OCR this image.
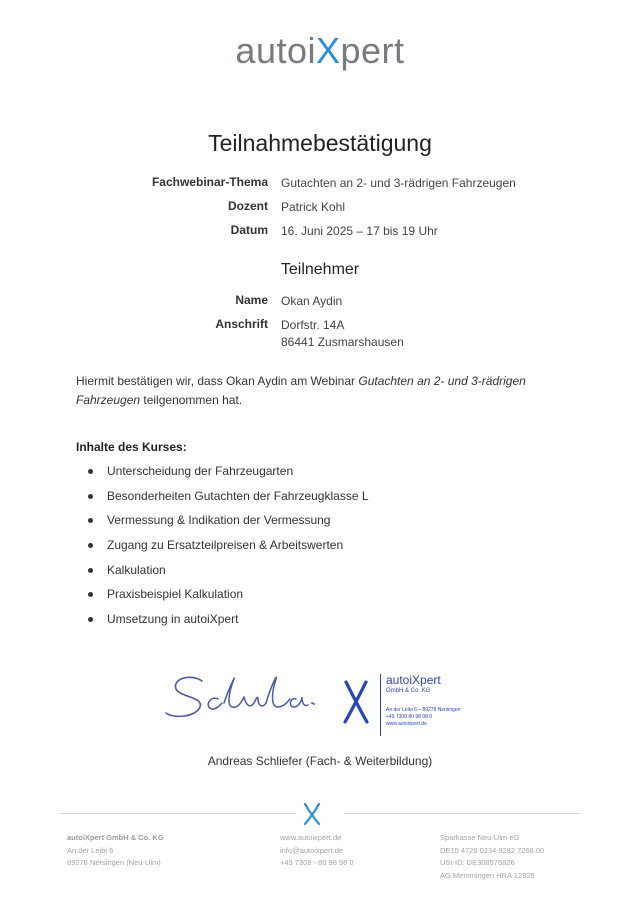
autoiXpert
Teilnahmebestätigung
Fachwebinar-Thema Gutachten an 2- und 3-rädrigen Fahrzeugen
Dozent Patrick Kohl
Datum 16. Juni 2025 – 17 bis 19 Uhr
Teilnehmer
Name Okan Aydin
Anschrift Dorfstr. 14A
86441 Zusmarshausen
Hiermit bestätigen wir, dass Okan Aydin am Webinar Gutachten an 2- und 3-rädrigen Fahrzeugen teilgenommen hat.
Inhalte des Kurses:
Unterscheidung der Fahrzeugarten
Besonderheiten Gutachten der Fahrzeugklasse L
Vermessung & Indikation der Vermessung
Zugang zu Ersatzteilpreisen & Arbeitswerten
Kalkulation
Praxisbeispiel Kalkulation
Umsetzung in autoiXpert
autoiXpert
GmbH & Co. KG
An der Leibi 6 – 89278 Nersingen
+49 7308 80 98 98 0
www.autoixpert.de
Andreas Schliefer (Fach- & Weiterbildung)
autoiXpert GmbH & Co. KG
An der Leibi 6
89278 Nersingen (Neu-Ulm)
www.autoixpert.de
info@autoixpert.de
+49 7308 - 80 98 98 0
Sparkasse Neu-Ulm eG
DE10 4726 0234 9282 7266 00
USt-ID: DE308576826
AG Memmingen HRA 12925
